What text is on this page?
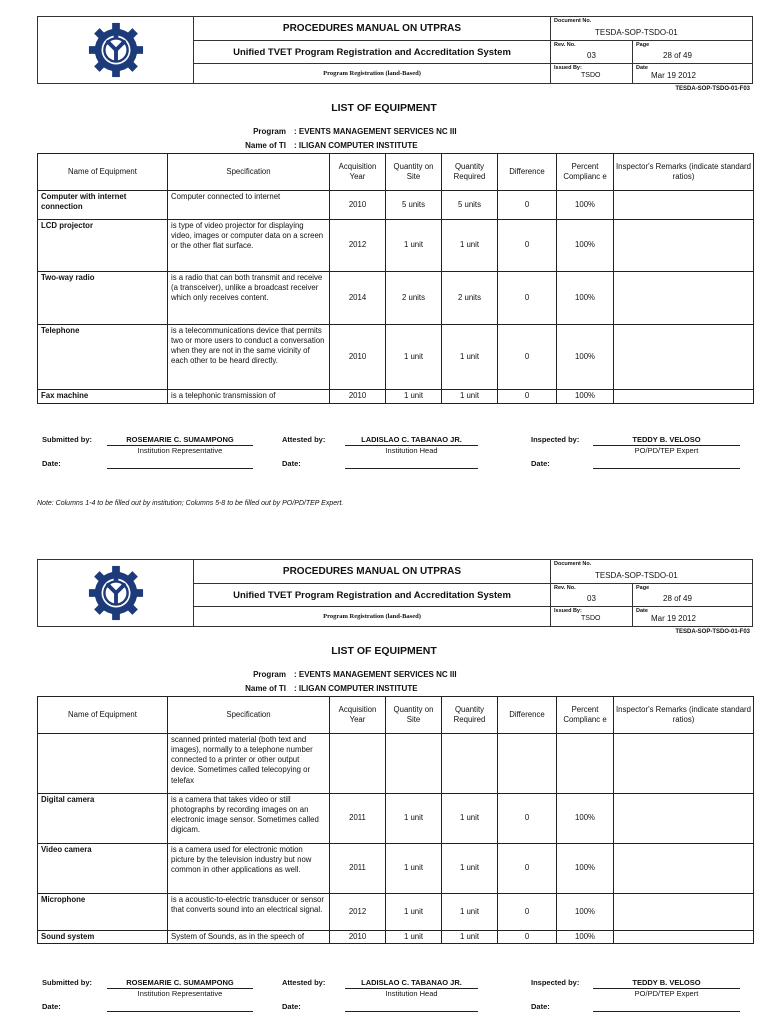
PROCEDURES MANUAL ON UTPRAS
Unified TVET Program Registration and Accreditation System
Program Registration (land-Based)
Document No.
TESDA-SOP-TSDO-01
Rev. No.
03
Page
28 of 49
Issued By:
TSDO
Date
Mar 19 2012
TESDA-SOP-TSDO-01-F03
LIST OF EQUIPMENT
Program : EVENTS MANAGEMENT SERVICES NC III
Name of TI : ILIGAN COMPUTER INSTITUTE
Name of Equipment	Specification	Acquisition Year	Quantity on Site	Quantity Required	Difference	Percent Complianc e	Inspector's Remarks (indicate standard ratios)
Computer with internet connection	Computer connected to internet	2010	5 units	5 units	0	100%	
LCD projector	is type of video projector for displaying video, images or computer data on a screen or the other flat surface.	2012	1 unit	1 unit	0	100%	
Two-way radio	is a radio that can both transmit and receive (a transceiver), unlike a broadcast receiver which only receives content.	2014	2 units	2 units	0	100%	
Telephone	is a telecommunications device that permits two or more users to conduct a conversation when they are not in the same vicinity of each other to be heard directly.	2010	1 unit	1 unit	0	100%	
Fax machine	is a telephonic transmission of	2010	1 unit	1 unit	0	100%	
Submitted by:	ROSEMARIE C. SUMAMPONG
Institution Representative
Date:
Attested by:	LADISLAO C. TABANAO JR.
Institution Head
Date:
Inspected by:	TEDDY B. VELOSO
PO/PD/TEP Expert
Date:
Note: Columns 1-4 to be filled out by institution; Columns 5-8 to be filled out by PO/PD/TEP Expert.
PROCEDURES MANUAL ON UTPRAS
Unified TVET Program Registration and Accreditation System
Program Registration (land-Based)
Document No.
TESDA-SOP-TSDO-01
Rev. No.
03
Page
28 of 49
Issued By:
TSDO
Date
Mar 19 2012
TESDA-SOP-TSDO-01-F03
LIST OF EQUIPMENT
Program : EVENTS MANAGEMENT SERVICES NC III
Name of TI : ILIGAN COMPUTER INSTITUTE
Name of Equipment	Specification	Acquisition Year	Quantity on Site	Quantity Required	Difference	Percent Complianc e	Inspector's Remarks (indicate standard ratios)
	scanned printed material (both text and images), normally to a telephone number connected to a printer or other output device. Sometimes called telecopying or telefax						
Digital camera	is a camera that takes video or still photographs by recording images on an electronic image sensor. Sometimes called digicam.	2011	1 unit	1 unit	0	100%	
Video camera	is a camera used for electronic motion picture by the television industry but now common in other applications as well.	2011	1 unit	1 unit	0	100%	
Microphone	is a acoustic-to-electric transducer or sensor that converts sound into an electrical signal.	2012	1 unit	1 unit	0	100%	
Sound system	System of Sounds, as in the speech of	2010	1 unit	1 unit	0	100%	
Submitted by:	ROSEMARIE C. SUMAMPONG
Institution Representative
Date:
Attested by:	LADISLAO C. TABANAO JR.
Institution Head
Date:
Inspected by:	TEDDY B. VELOSO
PO/PD/TEP Expert
Date:
